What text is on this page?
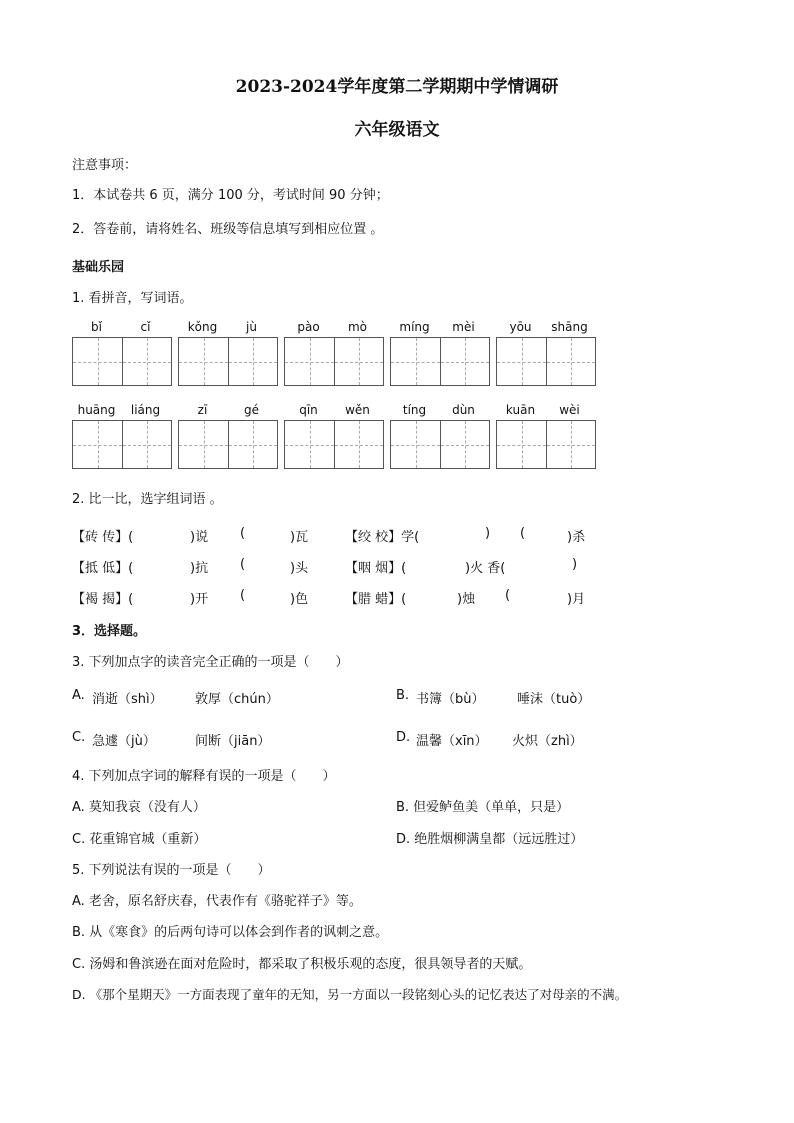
2023-2024学年度第二学期期中学情调研
六年级语文
注意事项：
1．本试卷共 6 页，满分 100 分，考试时间 90 分钟；
2．答卷前，请将姓名、班级等信息填写到相应位置 。
基础乐园
1. 看拼音，写词语。
bǐ	cǐ	kǒng	jù	pào	mò	míng	mèi	yōu	shāng
huāng	liáng	zī	gé	qīn	wěn	tíng	dùn	kuān	wèi
2. 比一比，选字组词语 。
【砖 传】(	)说 (	)瓦	【绞 校】学(	) (	)杀
【抵 低】(	)抗 (	)头	【咽 烟】(	)火 香(	)
【褐 揭】(	)开 (	)色	【腊 蜡】(	)烛 (	)月
3．选择题。
3. 下列加点字的读音完全正确的一项是（　　）
A. 消逝（shì） 敦厚（chún）	B. 书簿（bù）	唾沫（tuò）
C. 急遽（jù）	间断（jiān）	D. 温馨（xīn） 火炽（zhì）
4. 下列加点字词的解释有误的一项是（　　）
A. 莫知我哀（没有人）	B. 但爱鲈鱼美（单单，只是）
C. 花重锦官城（重新）	D. 绝胜烟柳满皇都（远远胜过）
5. 下列说法有误的一项是（　　）
A. 老舍，原名舒庆春，代表作有《骆驼祥子》等。
B. 从《寒食》的后两句诗可以体会到作者的讽刺之意。
C. 汤姆和鲁滨逊在面对危险时，都采取了积极乐观的态度，很具领导者的天赋。
D. 《那个星期天》一方面表现了童年的无知，另一方面以一段铭刻心头的记忆表达了对母亲的不满。
